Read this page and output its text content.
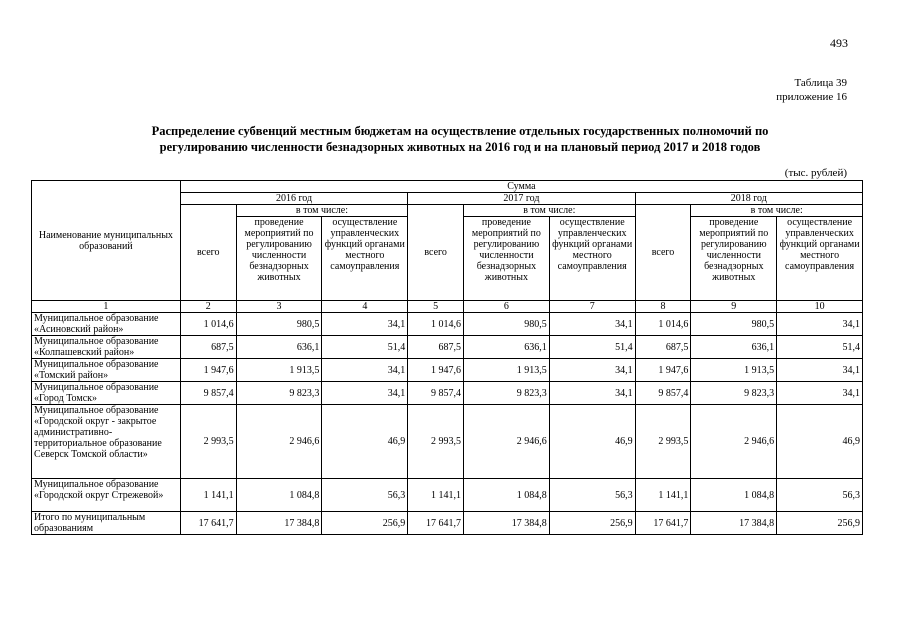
493
Таблица 39
приложение 16
Распределение субвенций местным бюджетам на осуществление отдельных государственных полномочий по
регулированию численности безнадзорных животных на 2016 год и на плановый период 2017 и 2018 годов
(тыс. рублей)
Наименование муниципальных образований	Сумма								
	2016 год			2017 год			2018 год		
	всего	в том числе:		всего	в том числе:		всего	в том числе:	
		проведение мероприятий по регулированию численности безнадзорных животных	осуществление управленческих функций органами местного самоуправления		проведение мероприятий по регулированию численности безнадзорных животных	осуществление управленческих функций органами местного самоуправления		проведение мероприятий по регулированию численности безнадзорных животных	осуществление управленческих функций органами местного самоуправления
1	2	3	4	5	6	7	8	9	10
Муниципальное образование «Асиновский район»	1 014,6	980,5	34,1	1 014,6	980,5	34,1	1 014,6	980,5	34,1
Муниципальное образование «Колпашевский район»	687,5	636,1	51,4	687,5	636,1	51,4	687,5	636,1	51,4
Муниципальное образование «Томский район»	1 947,6	1 913,5	34,1	1 947,6	1 913,5	34,1	1 947,6	1 913,5	34,1
Муниципальное образование «Город Томск»	9 857,4	9 823,3	34,1	9 857,4	9 823,3	34,1	9 857,4	9 823,3	34,1
Муниципальное образование «Городской округ - закрытое административно-территориальное образование Северск Томской области»	2 993,5	2 946,6	46,9	2 993,5	2 946,6	46,9	2 993,5	2 946,6	46,9
Муниципальное образование «Городской округ Стрежевой»	1 141,1	1 084,8	56,3	1 141,1	1 084,8	56,3	1 141,1	1 084,8	56,3
Итого по муниципальным образованиям	17 641,7	17 384,8	256,9	17 641,7	17 384,8	256,9	17 641,7	17 384,8	256,9
